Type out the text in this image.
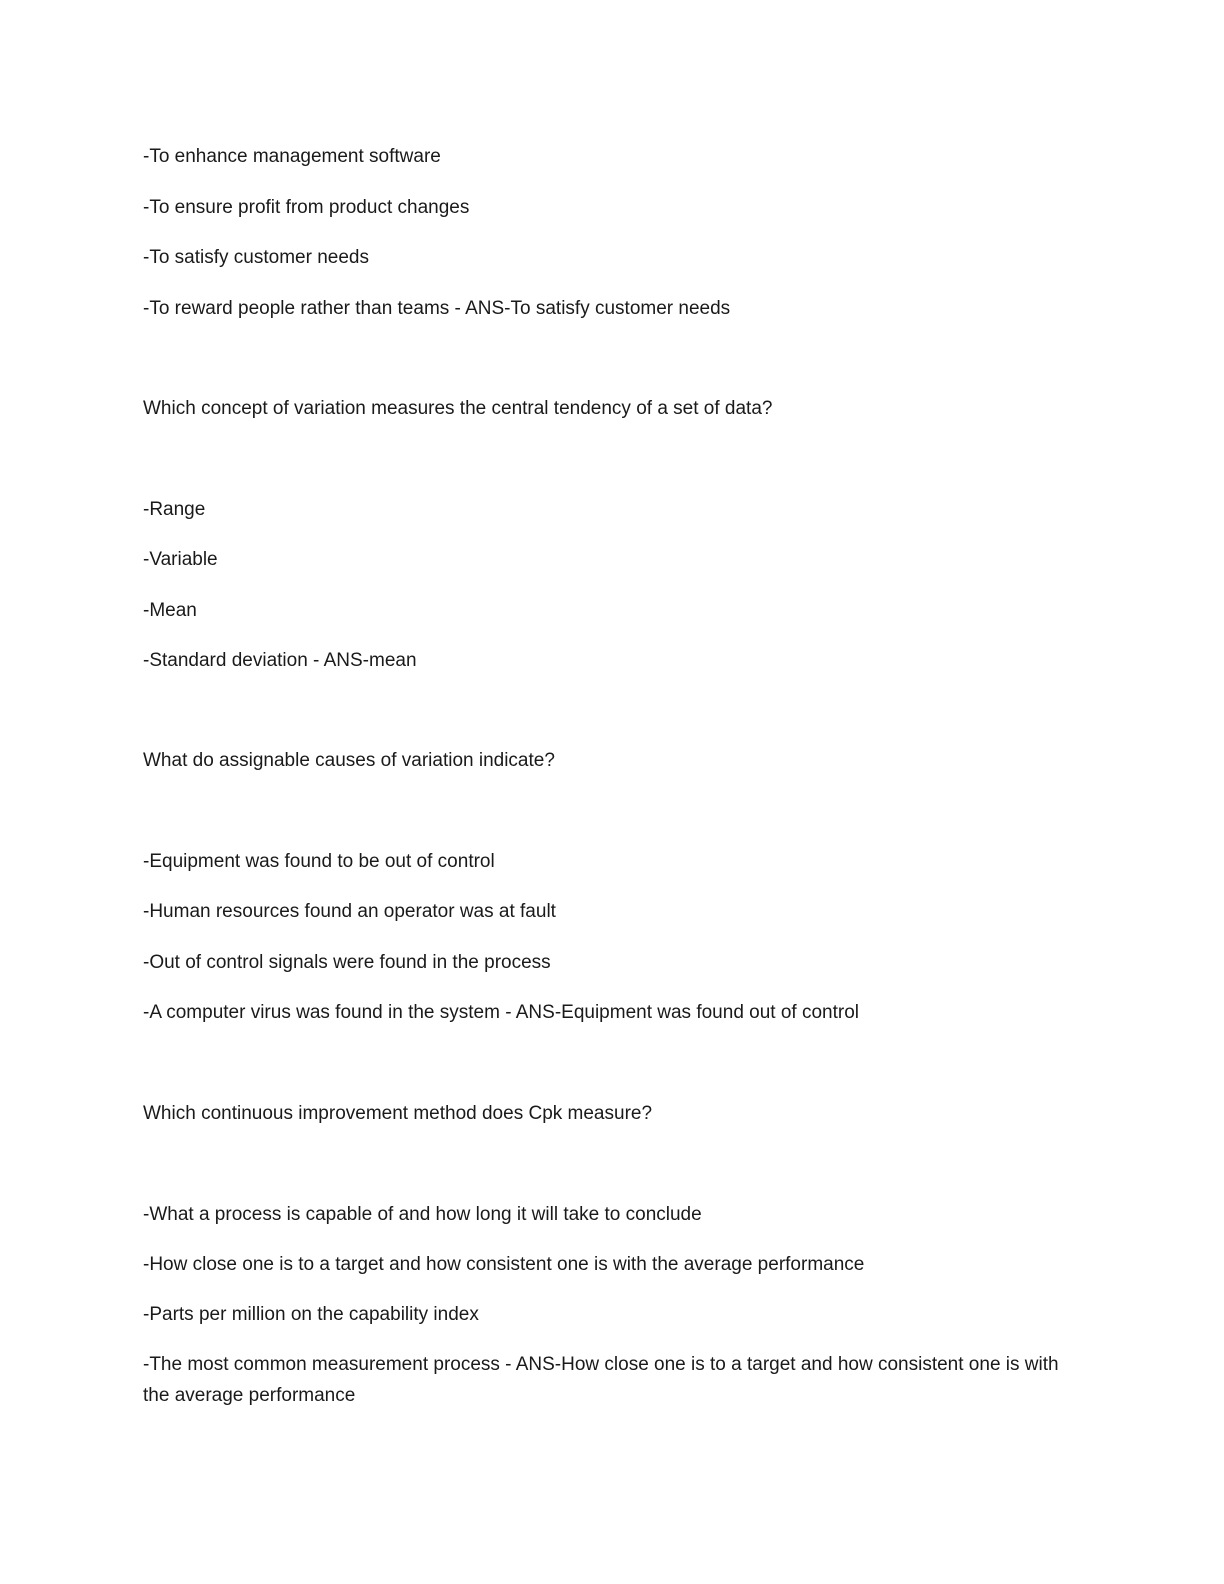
-To enhance management software
-To ensure profit from product changes
-To satisfy customer needs
-To reward people rather than teams - ANS-To satisfy customer needs
Which concept of variation measures the central tendency of a set of data?
-Range
-Variable
-Mean
-Standard deviation - ANS-mean
What do assignable causes of variation indicate?
-Equipment was found to be out of control
-Human resources found an operator was at fault
-Out of control signals were found in the process
-A computer virus was found in the system - ANS-Equipment was found out of control
Which continuous improvement method does Cpk measure?
-What a process is capable of and how long it will take to conclude
-How close one is to a target and how consistent one is with the average performance
-Parts per million on the capability index
-The most common measurement process - ANS-How close one is to a target and how consistent one is with the average performance
